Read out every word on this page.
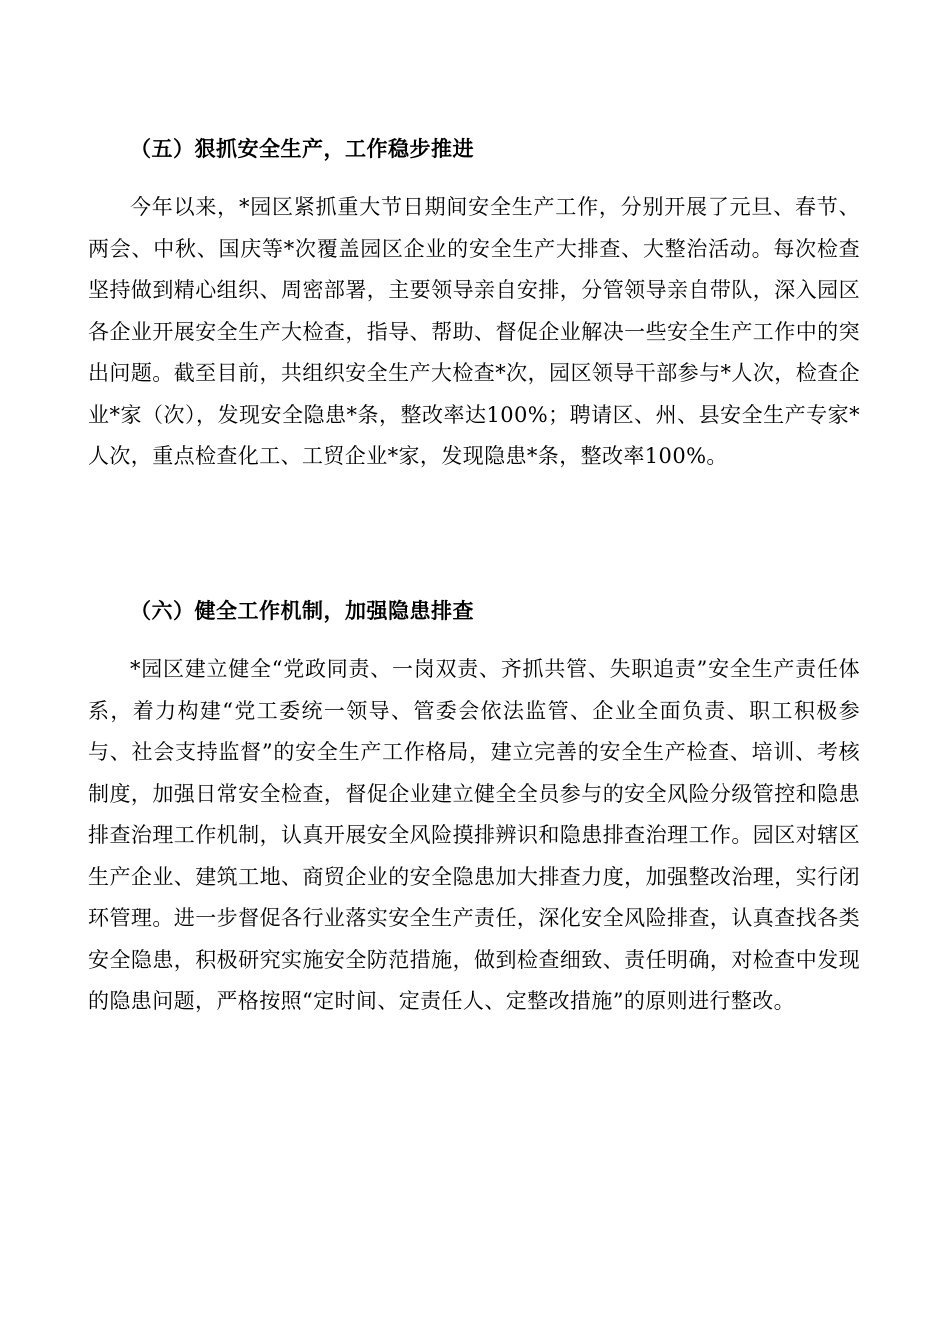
（五）狠抓安全生产，工作稳步推进
今年以来，*园区紧抓重大节日期间安全生产工作，分别开展了元旦、春节、两会、中秋、国庆等*次覆盖园区企业的安全生产大排查、大整治活动。每次检查坚持做到精心组织、周密部署，主要领导亲自安排，分管领导亲自带队，深入园区各企业开展安全生产大检查，指导、帮助、督促企业解决一些安全生产工作中的突出问题。截至目前，共组织安全生产大检查*次，园区领导干部参与*人次，检查企业*家（次），发现安全隐患*条，整改率达100%；聘请区、州、县安全生产专家*人次，重点检查化工、工贸企业*家，发现隐患*条，整改率100%。
（六）健全工作机制，加强隐患排查
*园区建立健全“党政同责、一岗双责、齐抓共管、失职追责”安全生产责任体系，着力构建“党工委统一领导、管委会依法监管、企业全面负责、职工积极参与、社会支持监督”的安全生产工作格局，建立完善的安全生产检查、培训、考核制度，加强日常安全检查，督促企业建立健全全员参与的安全风险分级管控和隐患排查治理工作机制，认真开展安全风险摸排辨识和隐患排查治理工作。园区对辖区生产企业、建筑工地、商贸企业的安全隐患加大排查力度，加强整改治理，实行闭环管理。进一步督促各行业落实安全生产责任，深化安全风险排查，认真查找各类安全隐患，积极研究实施安全防范措施，做到检查细致、责任明确，对检查中发现的隐患问题，严格按照“定时间、定责任人、定整改措施”的原则进行整改。
